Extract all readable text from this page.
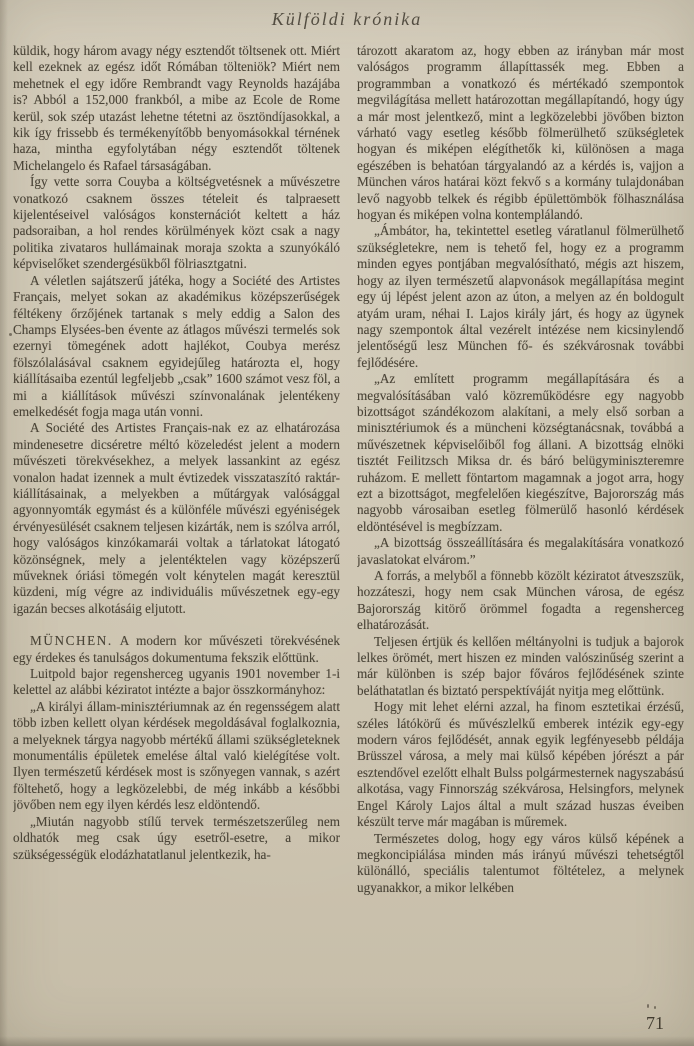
Külföldi krónika

küldik, hogy három avagy négy esztendőt töltsenek ott. Miért kell ezeknek az egész időt Rómában tölteniök? Miért nem mehetnek el egy időre Rembrandt vagy Reynolds hazájába is? Abból a 152,000 frankból, a mibe az Ecole de Rome kerül, sok szép utazást lehetne tétetni az ösztöndíjasokkal, a kik így frissebb és termékenyítőbb benyomásokkal térnének haza, mintha egyfolytában négy esztendőt töltenek Michelangelo és Rafael társaságában.

Így vette sorra Couyba a költségvetésnek a művészetre vonatkozó csaknem összes tételeit és talpraesett kijelentéseivel valóságos konsternációt keltett a ház padsoraiban, a hol rendes körülmények közt csak a nagy politika zivataros hullámainak moraja szokta a szunyókáló képviselőket szendergésükből fölriasztgatni.

A véletlen sajátszerű játéka, hogy a Société des Artistes Français, melyet sokan az akadémikus középszerűségek féltékeny őrzőjének tartanak s mely eddig a Salon des Champs Elysées-ben évente az átlagos művészi termelés sok ezernyi tömegének adott hajlékot, Coubya merész fölszólalásával csaknem egyidejűleg határozta el, hogy kiállításaiba ezentúl legfeljebb „csak” 1600 számot vesz föl, a mi a kiállítások művészi színvonalának jelentékeny emelkedését fogja maga után vonni.

A Société des Artistes Français-nak ez az elhatározása mindenesetre dicséretre méltó közeledést jelent a modern művészeti törekvésekhez, a melyek lassankint az egész vonalon hadat izennek a mult évtizedek visszataszító raktár-kiállításainak, a melyekben a műtárgyak valósággal agyonnyomták egymást és a különféle művészi egyéniségek érvényesülését csaknem teljesen kizárták, nem is szólva arról, hogy valóságos kinzókamarái voltak a tárlatokat látogató közönségnek, mely a jelentéktelen vagy középszerű műveknek óriási tömegén volt kénytelen magát keresztül küzdeni, míg végre az individuális művészetnek egy-egy igazán becses alkotásáig eljutott.

MÜNCHEN. A modern kor művészeti törekvésének egy érdekes és tanulságos dokumentuma fekszik előttünk.

Luitpold bajor regensherceg ugyanis 1901 november 1-i kelettel az alábbi kéziratot intézte a bajor összkormányhoz:

„A királyi állam-minisztériumnak az én regensségem alatt több izben kellett olyan kérdések megoldásával foglalkoznia, a melyeknek tárgya nagyobb mértékű állami szükségleteknek monumentális épületek emelése által való kielégítése volt. Ilyen természetű kérdések most is szőnyegen vannak, s azért föltehető, hogy a legközelebbi, de még inkább a későbbi jövőben nem egy ilyen kérdés lesz eldöntendő.

„Miután nagyobb stílű tervek természetszerűleg nem oldhatók meg csak úgy esetről-esetre, a mikor szükségességük elodázhatatlanul jelentkezik, ha-

tározott akaratom az, hogy ebben az irányban már most valóságos programm állapíttassék meg. Ebben a programmban a vonatkozó és mértékadó szempontok megvilágítása mellett határozottan megállapítandó, hogy úgy a már most jelentkező, mint a legközelebbi jövőben bizton várható vagy esetleg később fölmerülhető szükségletek hogyan és miképen elégíthetők ki, különösen a maga egészében is behatóan tárgyalandó az a kérdés is, vajjon a München város határai közt fekvő s a kormány tulajdonában levő nagyobb telkek és régibb épülettömbök fölhasználása hogyan és miképen volna kontemplálandó.

„Ámbátor, ha, tekintettel esetleg váratlanul fölmerülhető szükségletekre, nem is tehető fel, hogy ez a programm minden egyes pontjában megvalósítható, mégis azt hiszem, hogy az ilyen természetű alapvonások megállapítása megint egy új lépést jelent azon az úton, a melyen az én boldogult atyám uram, néhai I. Lajos király járt, és hogy az ügynek nagy szempontok által vezérelt intézése nem kicsinylendő jelentőségű lesz München fő- és székvárosnak további fejlődésére.

„Az említett programm megállapítására és a megvalósításában való közreműködésre egy nagyobb bizottságot szándékozom alakítani, a mely első sorban a minisztériumok és a müncheni községtanácsnak, továbbá a művészetnek képviselőiből fog állani. A bizottság elnöki tisztét Feilitzsch Miksa dr. és báró belügyminiszteremre ruházom. E mellett föntartom magamnak a jogot arra, hogy ezt a bizottságot, megfelelően kiegészítve, Bajorország más nagyobb városaiban esetleg fölmerülő hasonló kérdések eldöntésével is megbízzam.

„A bizottság összeállítására és megalakítására vonatkozó javaslatokat elvárom.”

A forrás, a melyből a fönnebb közölt kéziratot átveszszük, hozzáteszi, hogy nem csak München városa, de egész Bajorország kitörő örömmel fogadta a regensherceg elhatározását.

Teljesen értjük és kellően méltányolni is tudjuk a bajorok lelkes örömét, mert hiszen ez minden valószinűség szerint a már különben is szép bajor főváros fejlődésének szinte beláthatatlan és biztató perspektíváját nyitja meg előttünk.

Hogy mit lehet elérni azzal, ha finom esztetikai érzésű, széles látókörű és művészlelkű emberek intézik egy-egy modern város fejlődését, annak egyik legfényesebb példája Brüsszel városa, a mely mai külső képében jórészt a pár esztendővel ezelőtt elhalt Bulss polgármesternek nagyszabású alkotása, vagy Finnország székvárosa, Helsingfors, melynek Engel Károly Lajos által a mult század huszas éveiben készült terve már magában is műremek.

Természetes dolog, hogy egy város külső képének a megkoncipiálása minden más irányú művészi tehetségtől különálló, speciális talentumot föltételez, a melynek ugyanakkor, a mikor lelkében

71
